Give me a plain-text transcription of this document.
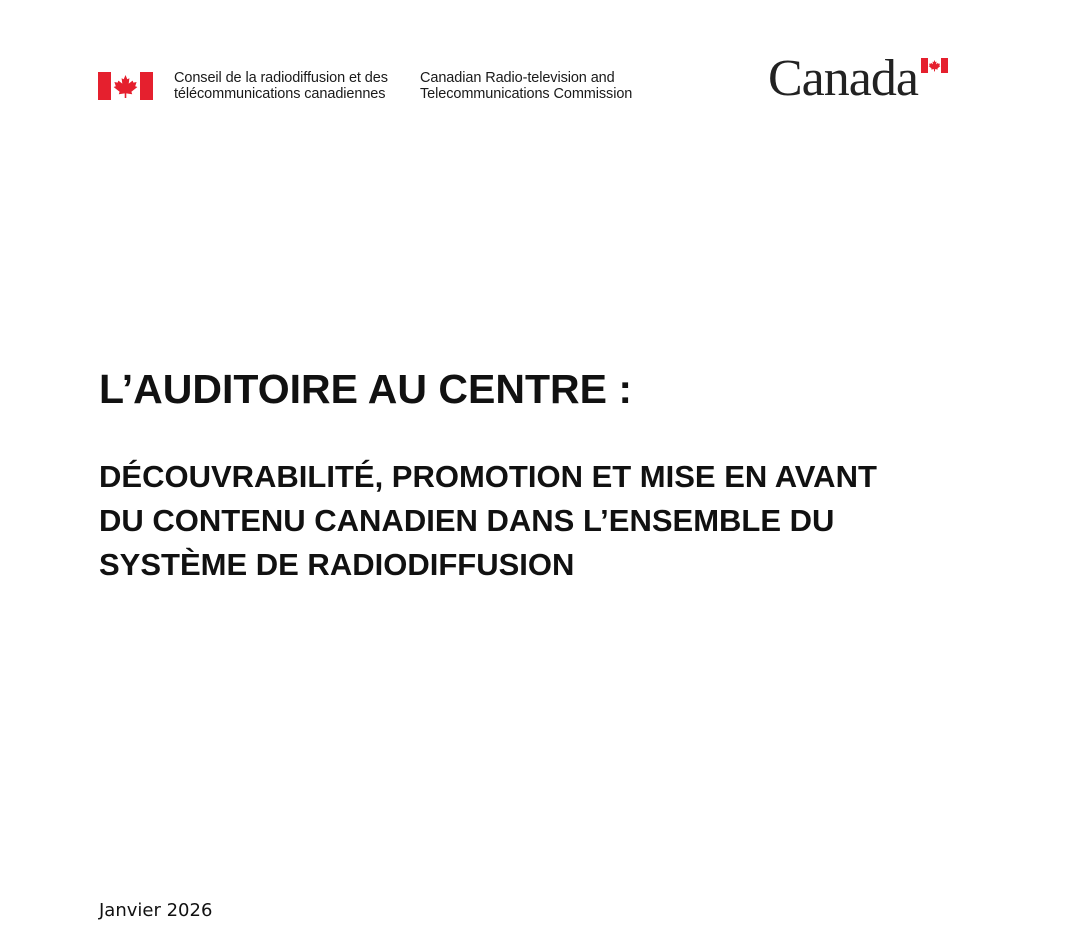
Conseil de la radiodiffusion et des
télécommunications canadiennes
Canadian Radio-television and
Telecommunications Commission	Canada
L’AUDITOIRE AU CENTRE :
DÉCOUVRABILITÉ, PROMOTION ET MISE EN AVANT
DU CONTENU CANADIEN DANS L’ENSEMBLE DU
SYSTÈME DE RADIODIFFUSION
Janvier 2026
